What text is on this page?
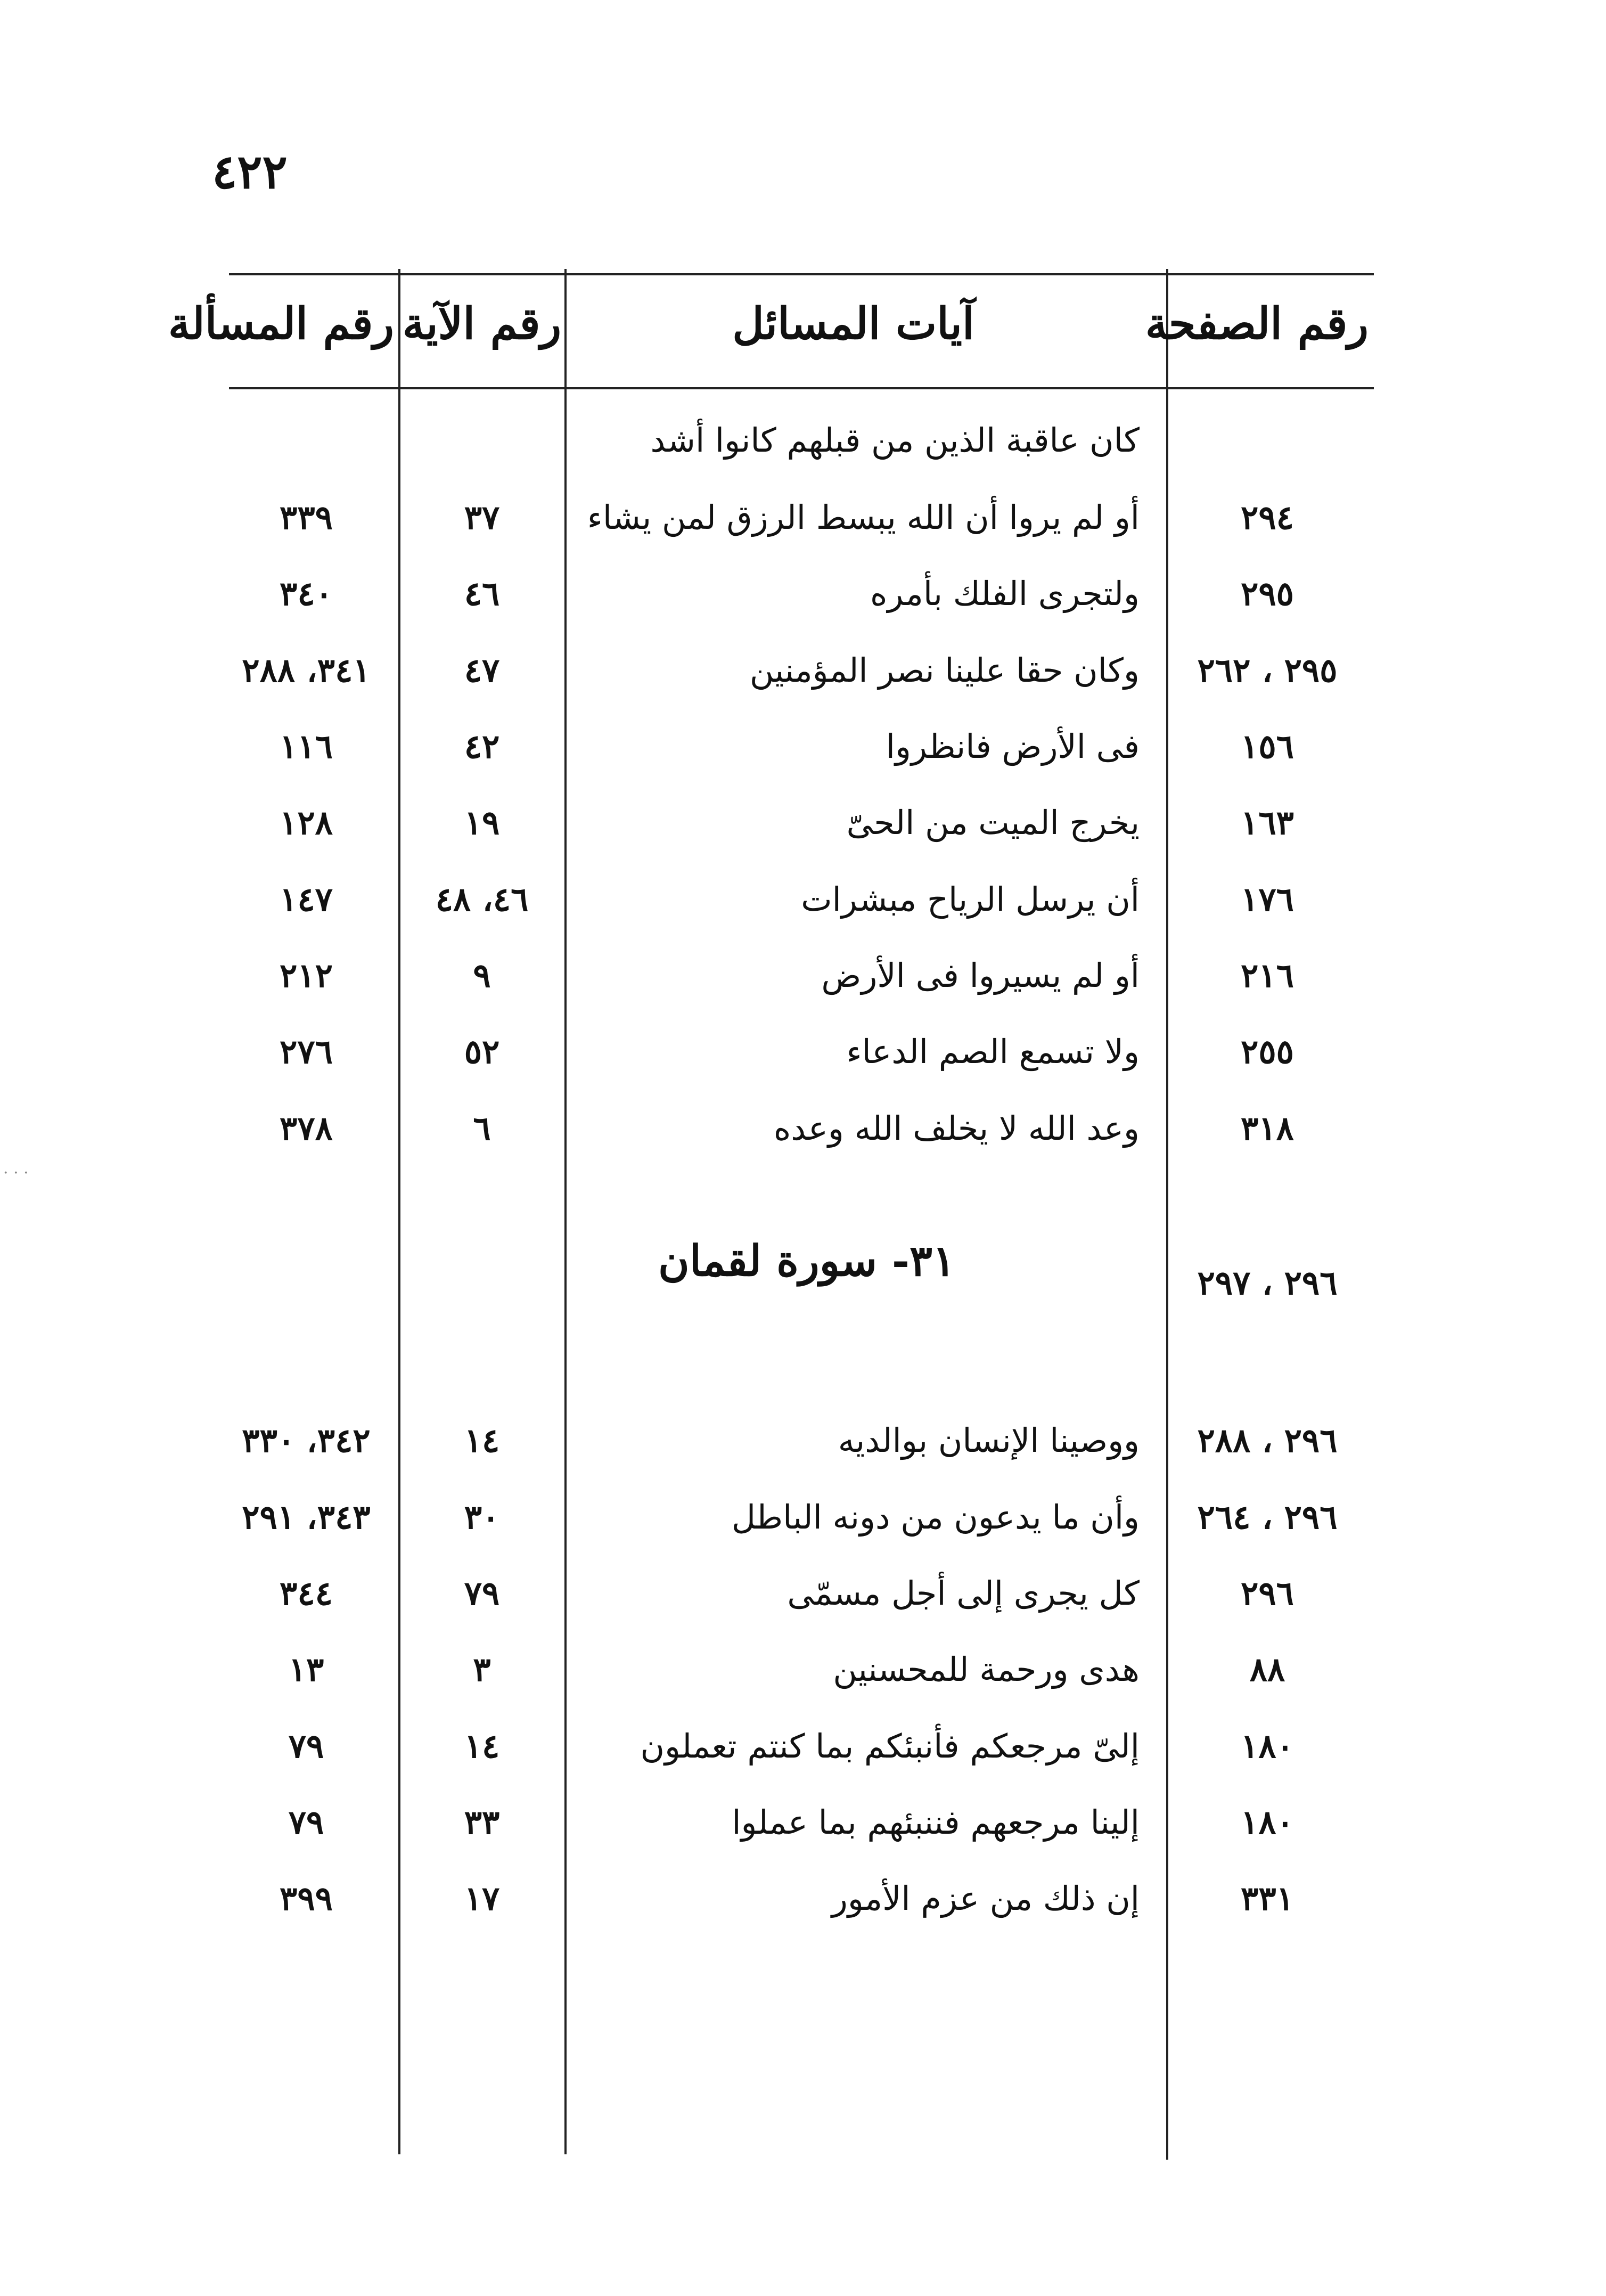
٤٢٢
رقم الصفحة
آيات المسائل
رقم الآية
رقم المسألة
كان عاقبة الذين من قبلهم كانوا أشد
٢٩٤
أو لم يروا أن الله يبسط الرزق لمن يشاء
٣٧
٣٣٩
٢٩٥
ولتجرى الفلك بأمره
٤٦
٣٤٠
٢٩٥ ، ٢٦٢
وكان حقا علينا نصر المؤمنين
٤٧
٣٤١، ٢٨٨
١٥٦
فى الأرض فانظروا
٤٢
١١٦
١٦٣
يخرج الميت من الحىّ
١٩
١٢٨
١٧٦
أن يرسل الرياح مبشرات
٤٦، ٤٨
١٤٧
٢١٦
أو لم يسيروا فى الأرض
٩
٢١٢
٢٥٥
ولا تسمع الصم الدعاء
٥٢
٢٧٦
٣١٨
وعد الله لا يخلف الله وعده
٦
٣٧٨
٢٩٦ ، ٢٩٧
٣١- سورة لقمان
٢٩٦ ، ٢٨٨
ووصينا الإنسان بوالديه
١٤
٣٤٢، ٣٣٠
٢٩٦ ، ٢٦٤
وأن ما يدعون من دونه الباطل
٣٠
٣٤٣، ٢٩١
٢٩٦
كل يجرى إلى أجل مسمّى
٧٩
٣٤٤
٨٨
هدى ورحمة للمحسنين
٣
١٣
١٨٠
إلىّ مرجعكم فأنبئكم بما كنتم تعملون
١٤
٧٩
١٨٠
إلينا مرجعهم فننبئهم بما عملوا
٣٣
٧٩
٣٣١
إن ذلك من عزم الأمور
١٧
٣٩٩
· · ·
